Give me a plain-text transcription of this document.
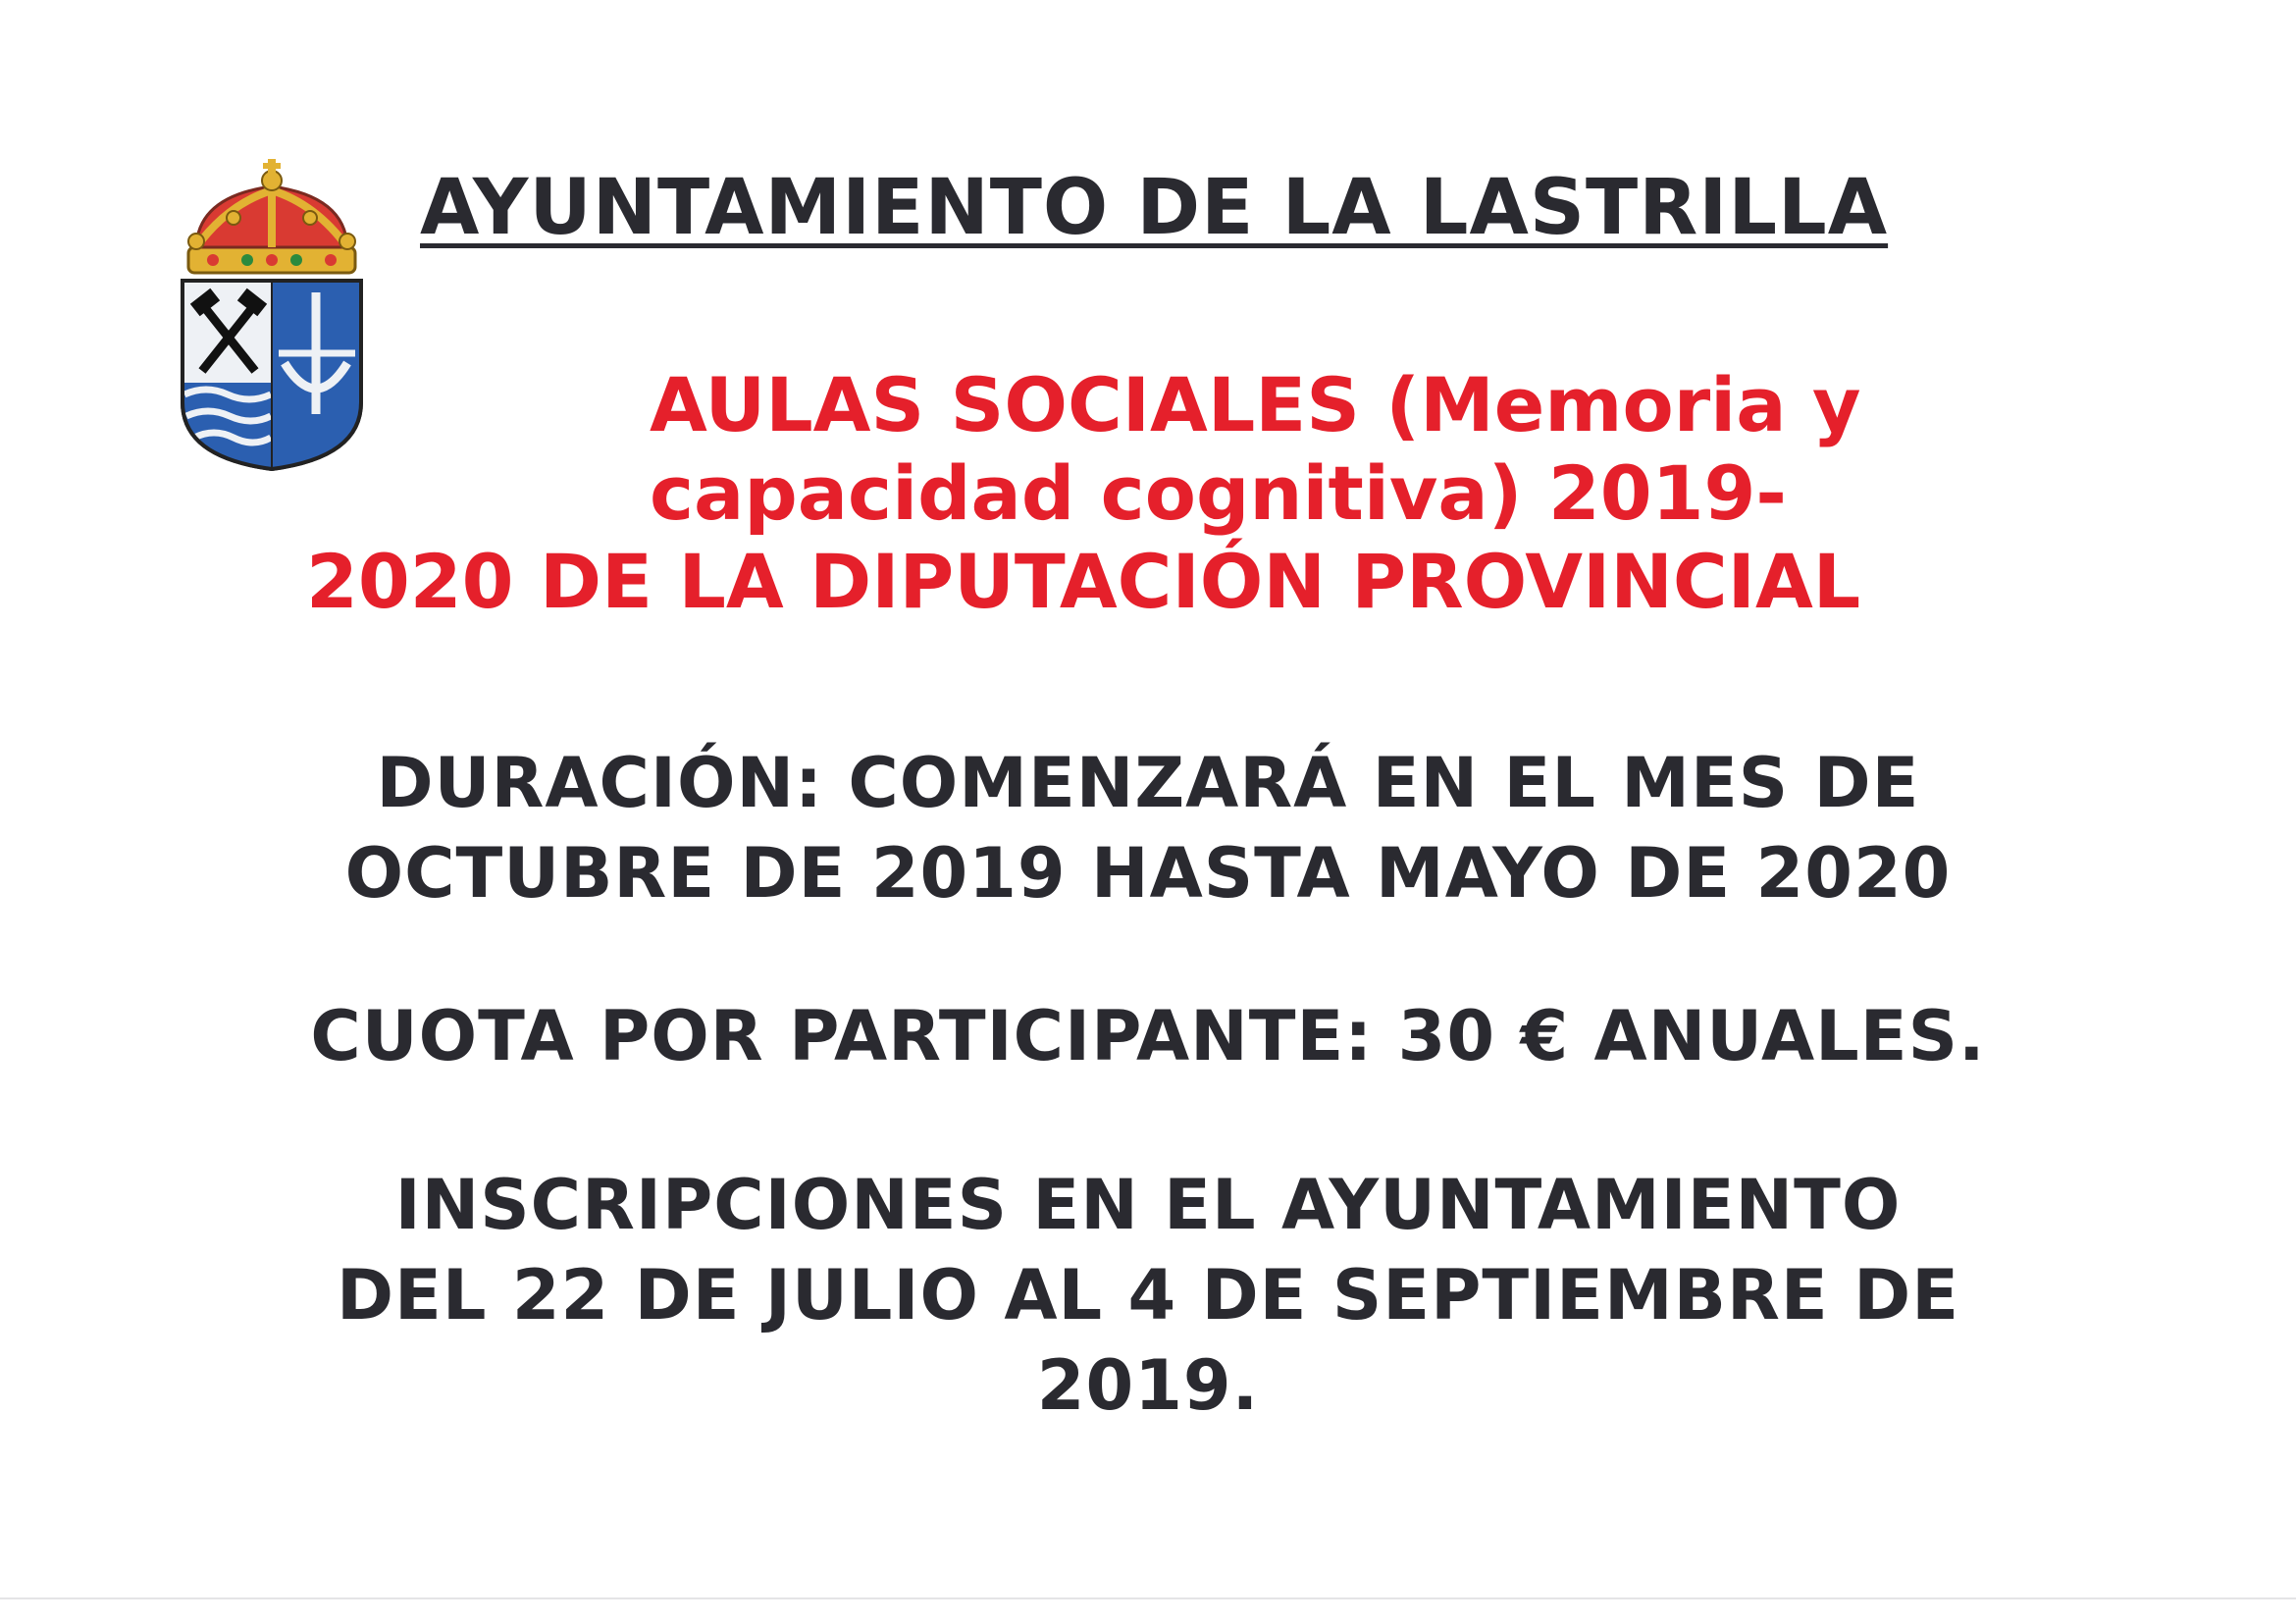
AYUNTAMIENTO DE LA LASTRILLA
AULAS SOCIALES (Memoria y
capacidad cognitiva) 2019-
2020 DE LA DIPUTACIÓN PROVINCIAL
DURACIÓN: COMENZARÁ EN EL MES DE
OCTUBRE DE 2019 HASTA MAYO DE 2020
CUOTA POR PARTICIPANTE: 30 € ANUALES.
INSCRIPCIONES EN EL AYUNTAMIENTO
DEL 22 DE JULIO AL 4 DE SEPTIEMBRE DE
2019.
